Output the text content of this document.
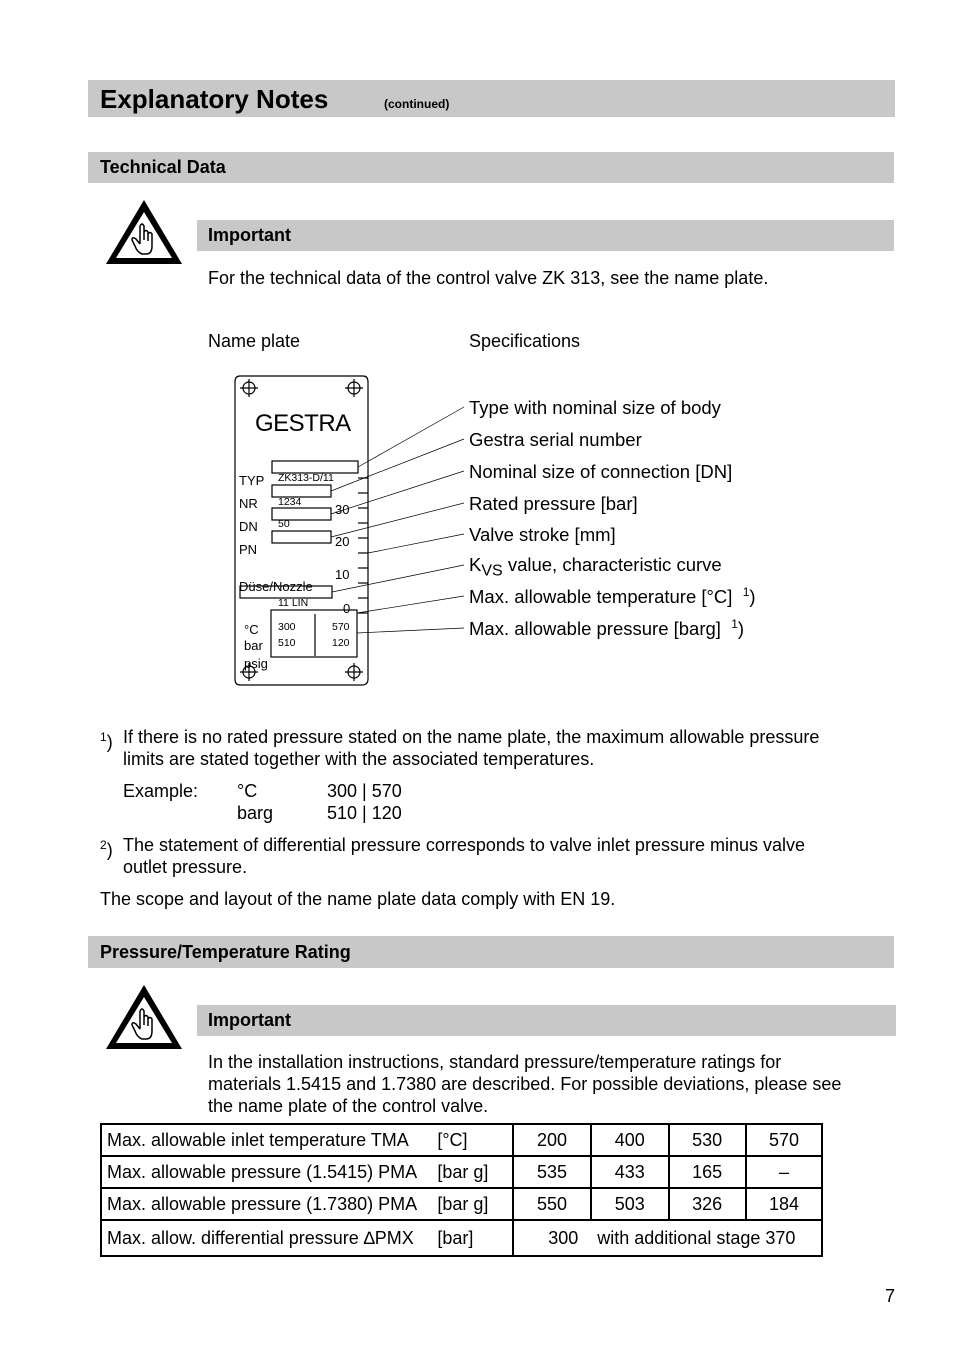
Explanatory Notes	(continued)
Technical Data
Important
For the technical data of the control valve ZK 313, see the name plate.
Name plate	Specifications
GESTRA
TYP
NR
DN
PN
Düse/Nozzle
ZK313-D/11
1234
50
11 LIN
30
20
10
0
°C
bar
psig
300
510
570
120
Type with nominal size of body
Gestra serial number
Nominal size of connection [DN]
Rated pressure [bar]
Valve stroke [mm]
$K_{VS}$ value, characteristic curve
Max. allowable temperature [°C] $^1$)
Max. allowable pressure [barg] $^1$)
$^1$) If there is no rated pressure stated on the name plate, the maximum allowable pressure
limits are stated together with the associated temperatures.
Example: °C	300 | 570
barg	510 | 120
$^2$) The statement of differential pressure corresponds to valve inlet pressure minus valve
outlet pressure.
The scope and layout of the name plate data comply with EN 19.
Pressure/Temperature Rating
Important
In the installation instructions, standard pressure/temperature ratings for
materials 1.5415 and 1.7380 are described. For possible deviations, please see
the name plate of the control valve.
Max. allowable inlet temperature TMA	[°C]	200	400	530	570
Max. allowable pressure (1.5415) PMA	[bar g]	535	433	165	–
Max. allowable pressure (1.7380) PMA	[bar g]	550	503	326	184
Max. allow. differential pressure ∆PMX	[bar]	300 with additional stage 370			
7
